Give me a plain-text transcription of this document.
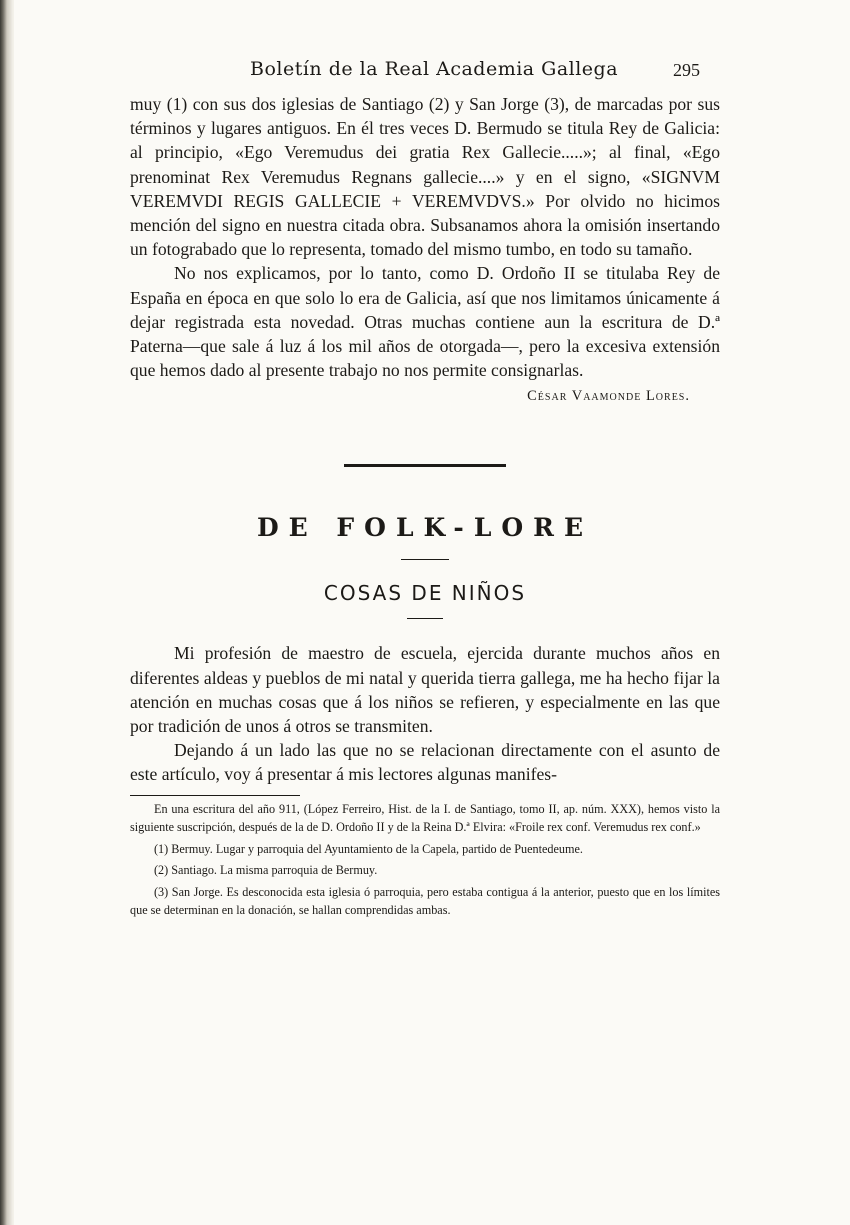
Boletín de la Real Academia Gallega	295

muy (1) con sus dos iglesias de Santiago (2) y San Jorge (3), de marcadas por sus términos y lugares antiguos. En él tres veces D. Bermudo se titula Rey de Galicia: al principio, «Ego Veremudus dei gratia Rex Gallecie.....»; al final, «Ego prenominat Rex Veremudus Regnans gallecie....» y en el signo, «SIGNVM VEREMVDI REGIS GALLECIE + VEREMVDVS.» Por olvido no hicimos mención del signo en nuestra citada obra. Subsanamos ahora la omisión insertando un fotograbado que lo representa, tomado del mismo tumbo, en todo su tamaño.

No nos explicamos, por lo tanto, como D. Ordoño II se titulaba Rey de España en época en que solo lo era de Galicia, así que nos limitamos únicamente á dejar registrada esta novedad. Otras muchas contiene aun la escritura de D.ª Paterna—que sale á luz á los mil años de otorgada—, pero la excesiva extensión que hemos dado al presente trabajo no nos permite consignarlas.

César Vaamonde Lores.
DE FOLK-LORE
COSAS DE NIÑOS

Mi profesión de maestro de escuela, ejercida durante muchos años en diferentes aldeas y pueblos de mi natal y querida tierra gallega, me ha hecho fijar la atención en muchas cosas que á los niños se refieren, y especialmente en las que por tradición de unos á otros se transmiten.

Dejando á un lado las que no se relacionan directamente con el asunto de este artículo, voy á presentar á mis lectores algunas manifes-

En una escritura del año 911, (López Ferreiro, Hist. de la I. de Santiago, tomo II, ap. núm. XXX), hemos visto la siguiente suscripción, después de la de D. Ordoño II y de la Reina D.ª Elvira: «Froile rex conf. Veremudus rex conf.»

(1) Bermuy. Lugar y parroquia del Ayuntamiento de la Capela, partido de Puentedeume.

(2) Santiago. La misma parroquia de Bermuy.

(3) San Jorge. Es desconocida esta iglesia ó parroquia, pero estaba contigua á la anterior, puesto que en los límites que se determinan en la donación, se hallan comprendidas ambas.
